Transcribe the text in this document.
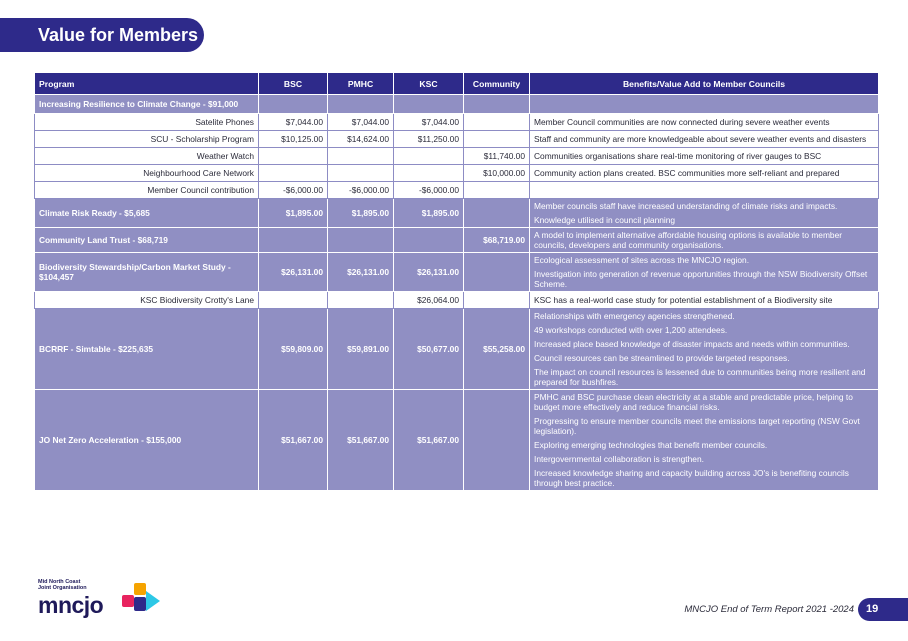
Value for Members
Program	BSC	PMHC	KSC	Community	Benefits/Value Add to Member Councils
Increasing Resilience to Climate Change - $91,000					
Satelite Phones	$7,044.00	$7,044.00	$7,044.00		Member Council communities are now connected during severe weather events

SCU - Scholarship Program	$10,125.00	$14,624.00	$11,250.00		Staff and community are more knowledgeable about severe weather events and disasters

Weather Watch				$11,740.00	Communities organisations share real-time monitoring of river gauges to BSC

Neighbourhood Care Network				$10,000.00	Community action plans created. BSC communities more self-reliant and prepared

Member Council contribution	-$6,000.00	-$6,000.00	-$6,000.00		
Climate Risk Ready - $5,685	$1,895.00	$1,895.00	$1,895.00		Member councils staff have increased understanding of climate risks and impacts.

Knowledge utilised in council planning

Community Land Trust - $68,719				$68,719.00	A model to implement alternative affordable housing options is available to member councils, developers and community organisations.

Biodiversity Stewardship/Carbon Market Study - $104,457	$26,131.00	$26,131.00	$26,131.00		Ecological assessment of sites across the MNCJO region.

Investigation into generation of revenue opportunities through the NSW Biodiversity Offset Scheme.

KSC Biodiversity Crotty's Lane			$26,064.00		KSC has a real-world case study for potential establishment of a Biodiversity site

BCRRF - Simtable - $225,635	$59,809.00	$59,891.00	$50,677.00	$55,258.00	Relationships with emergency agencies strengthened.

49 workshops conducted with over 1,200 attendees.

Increased place based knowledge of disaster impacts and needs within communities.

Council resources can be streamlined to provide targeted responses.

The impact on council resources is lessened due to communities being more resilient and prepared for bushfires.

JO Net Zero Acceleration - $155,000	$51,667.00	$51,667.00	$51,667.00		PMHC and BSC purchase clean electricity at a stable and predictable price, helping to budget more effectively and reduce financial risks.

Progressing to ensure member councils meet the emissions target reporting (NSW Govt legislation).

Exploring emerging technologies that benefit member councils.

Intergovernmental collaboration is strengthen.

Increased knowledge sharing and capacity building across JO's is benefiting councils through best practice.

Mid North Coast
Joint Organisation
mncjo	MNCJO End of Term Report 2021 -2024	19
